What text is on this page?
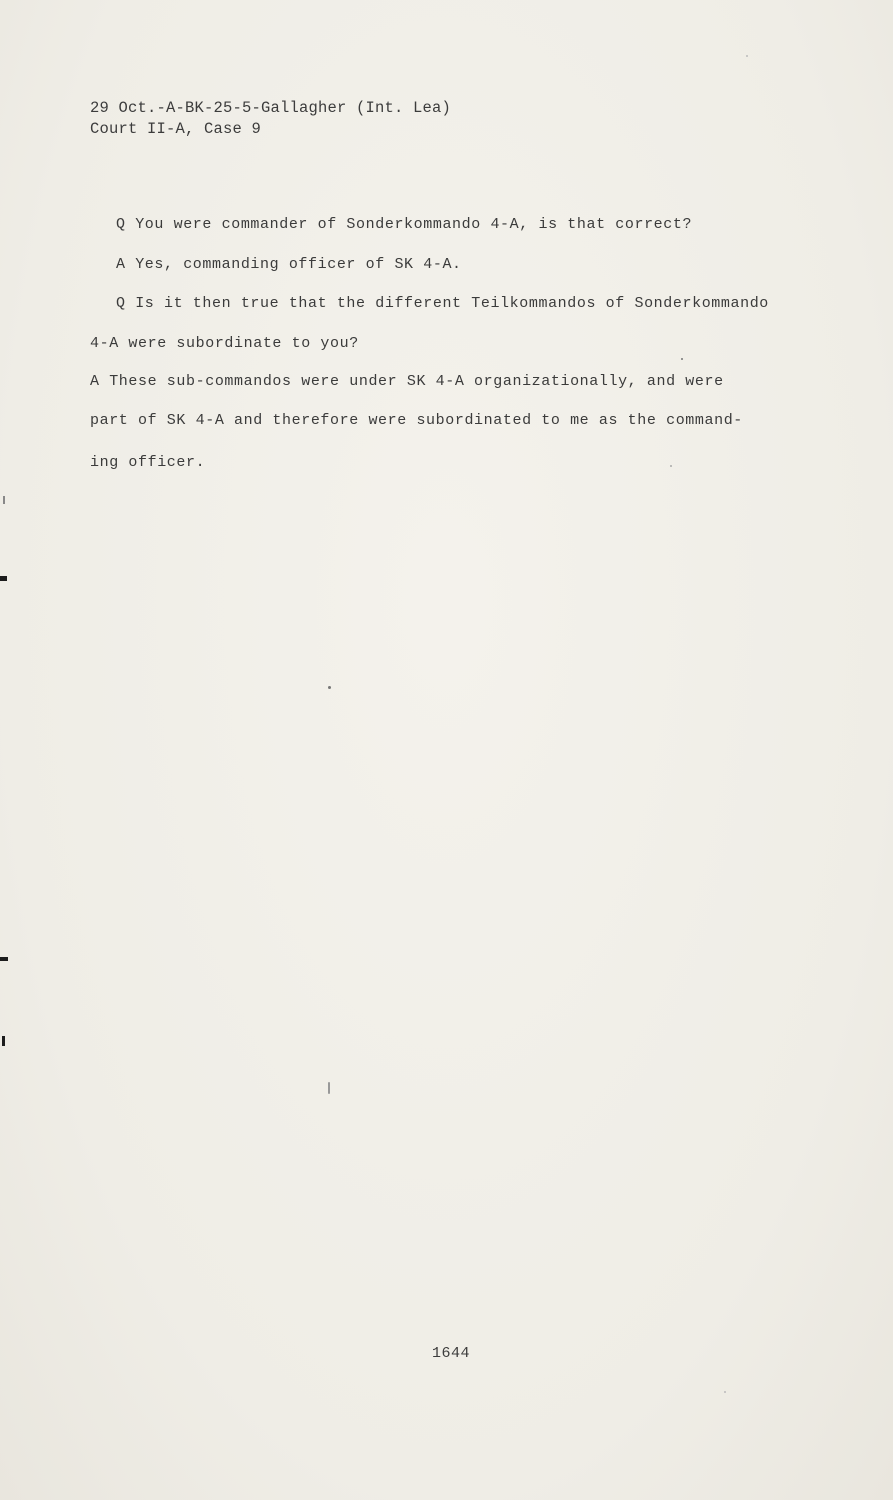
29 Oct.-A-BK-25-5-Gallagher (Int. Lea)
Court II-A, Case 9
Q You were commander of Sonderkommando 4-A, is that correct?
A Yes, commanding officer of SK 4-A.
Q Is it then true that the different Teilkommandos of Sonderkommando
4-A were subordinate to you?
A These sub-commandos were under SK 4-A organizationally, and were
part of SK 4-A and therefore were subordinated to me as the command-
ing officer.
1644
